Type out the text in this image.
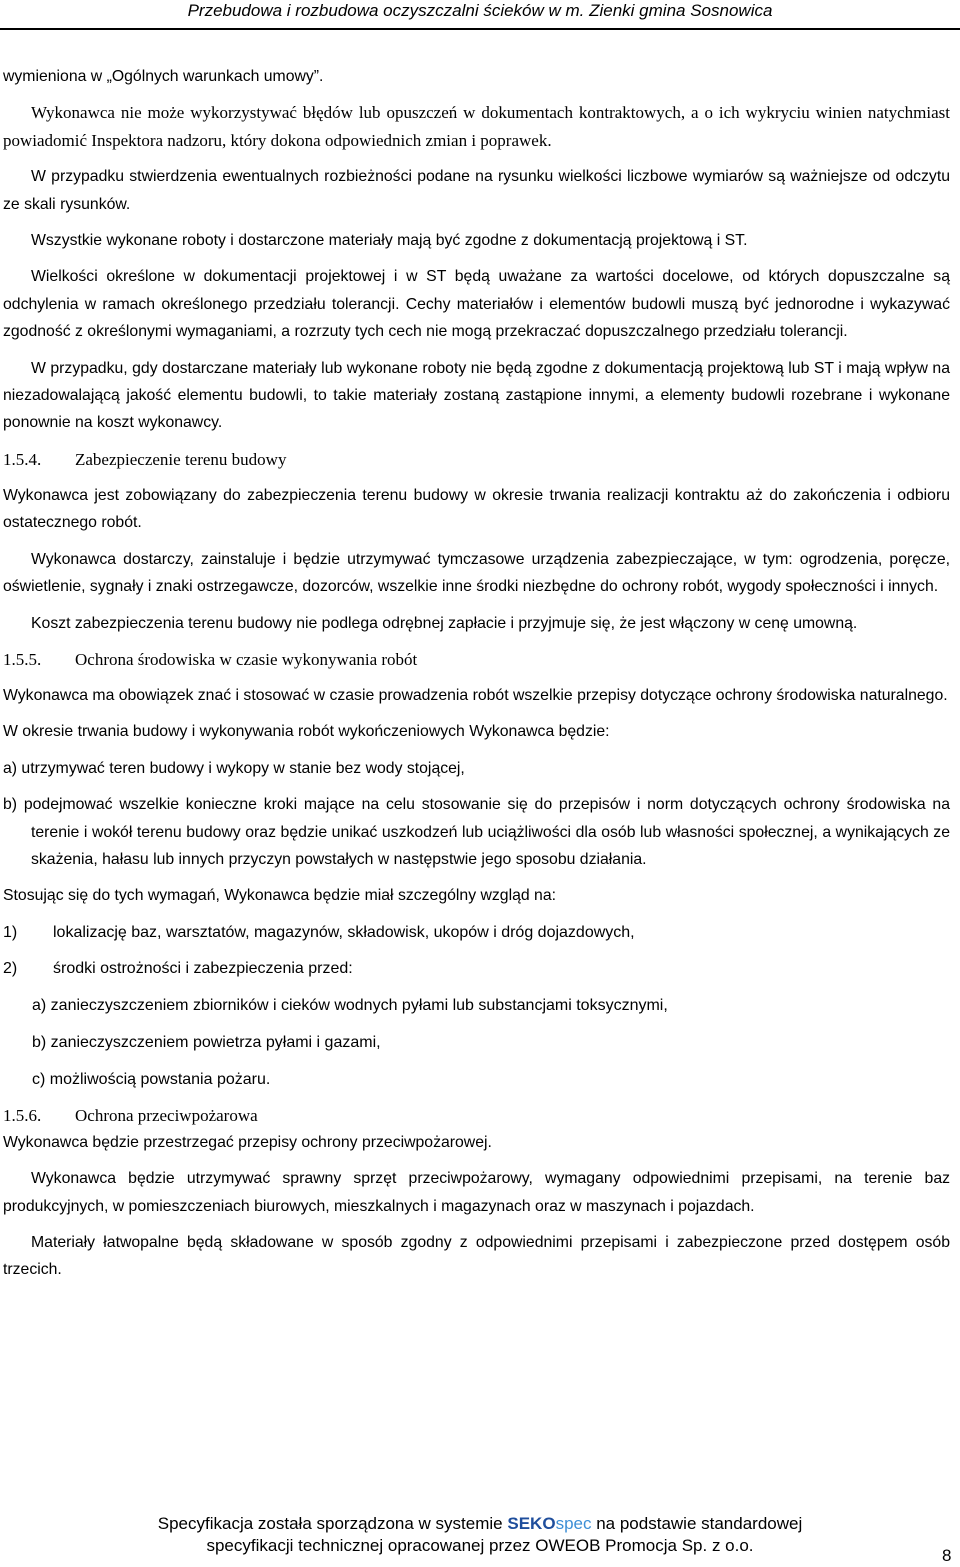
Przebudowa i rozbudowa oczyszczalni ścieków w m. Zienki gmina Sosnowica

wymieniona w „Ogólnych warunkach umowy”.

Wykonawca nie może wykorzystywać błędów lub opuszczeń w dokumentach kontraktowych, a o ich wykryciu winien natychmiast powiadomić Inspektora nadzoru, który dokona odpowiednich zmian i poprawek.

W przypadku stwierdzenia ewentualnych rozbieżności podane na rysunku wielkości liczbowe wymiarów są ważniejsze od odczytu ze skali rysunków.

Wszystkie wykonane roboty i dostarczone materiały mają być zgodne z dokumentacją projektową i ST.

Wielkości określone w dokumentacji projektowej i w ST będą uważane za wartości docelowe, od których dopuszczalne są odchylenia w ramach określonego przedziału tolerancji. Cechy materiałów i elementów budowli muszą być jednorodne i wykazywać zgodność z określonymi wymaganiami, a rozrzuty tych cech nie mogą przekraczać dopuszczalnego przedziału tolerancji.

W przypadku, gdy dostarczane materiały lub wykonane roboty nie będą zgodne z dokumentacją projektową lub ST i mają wpływ na niezadowalającą jakość elementu budowli, to takie materiały zostaną zastąpione innymi, a elementy budowli rozebrane i wykonane ponownie na koszt wykonawcy.

1.5.4. Zabezpieczenie terenu budowy

Wykonawca jest zobowiązany do zabezpieczenia terenu budowy w okresie trwania realizacji kontraktu aż do zakończenia i odbioru ostatecznego robót.

Wykonawca dostarczy, zainstaluje i będzie utrzymywać tymczasowe urządzenia zabezpieczające, w tym: ogrodzenia, poręcze, oświetlenie, sygnały i znaki ostrzegawcze, dozorców, wszelkie inne środki niezbędne do ochrony robót, wygody społeczności i innych.

Koszt zabezpieczenia terenu budowy nie podlega odrębnej zapłacie i przyjmuje się, że jest włączony w cenę umowną.

1.5.5. Ochrona środowiska w czasie wykonywania robót

Wykonawca ma obowiązek znać i stosować w czasie prowadzenia robót wszelkie przepisy dotyczące ochrony środowiska naturalnego.

W okresie trwania budowy i wykonywania robót wykończeniowych Wykonawca będzie:

a) utrzymywać teren budowy i wykopy w stanie bez wody stojącej,

b) podejmować wszelkie konieczne kroki mające na celu stosowanie się do przepisów i norm dotyczących ochrony środowiska na terenie i wokół terenu budowy oraz będzie unikać uszkodzeń lub uciążliwości dla osób lub własności społecznej, a wynikających ze skażenia, hałasu lub innych przyczyn powstałych w następstwie jego sposobu działania.

Stosując się do tych wymagań, Wykonawca będzie miał szczególny wzgląd na:

1) lokalizację baz, warsztatów, magazynów, składowisk, ukopów i dróg dojazdowych,

2) środki ostrożności i zabezpieczenia przed:

a) zanieczyszczeniem zbiorników i cieków wodnych pyłami lub substancjami toksycznymi,

b) zanieczyszczeniem powietrza pyłami i gazami,

c) możliwością powstania pożaru.

1.5.6. Ochrona przeciwpożarowa

Wykonawca będzie przestrzegać przepisy ochrony przeciwpożarowej.

Wykonawca będzie utrzymywać sprawny sprzęt przeciwpożarowy, wymagany odpowiednimi przepisami, na terenie baz produkcyjnych, w pomieszczeniach biurowych, mieszkalnych i magazynach oraz w maszynach i pojazdach.

Materiały łatwopalne będą składowane w sposób zgodny z odpowiednimi przepisami i zabezpieczone przed dostępem osób trzecich.

Specyfikacja została sporządzona w systemie SEKOspec na podstawie standardowej
specyfikacji technicznej opracowanej przez OWEOB Promocja Sp. z o.o.
8
